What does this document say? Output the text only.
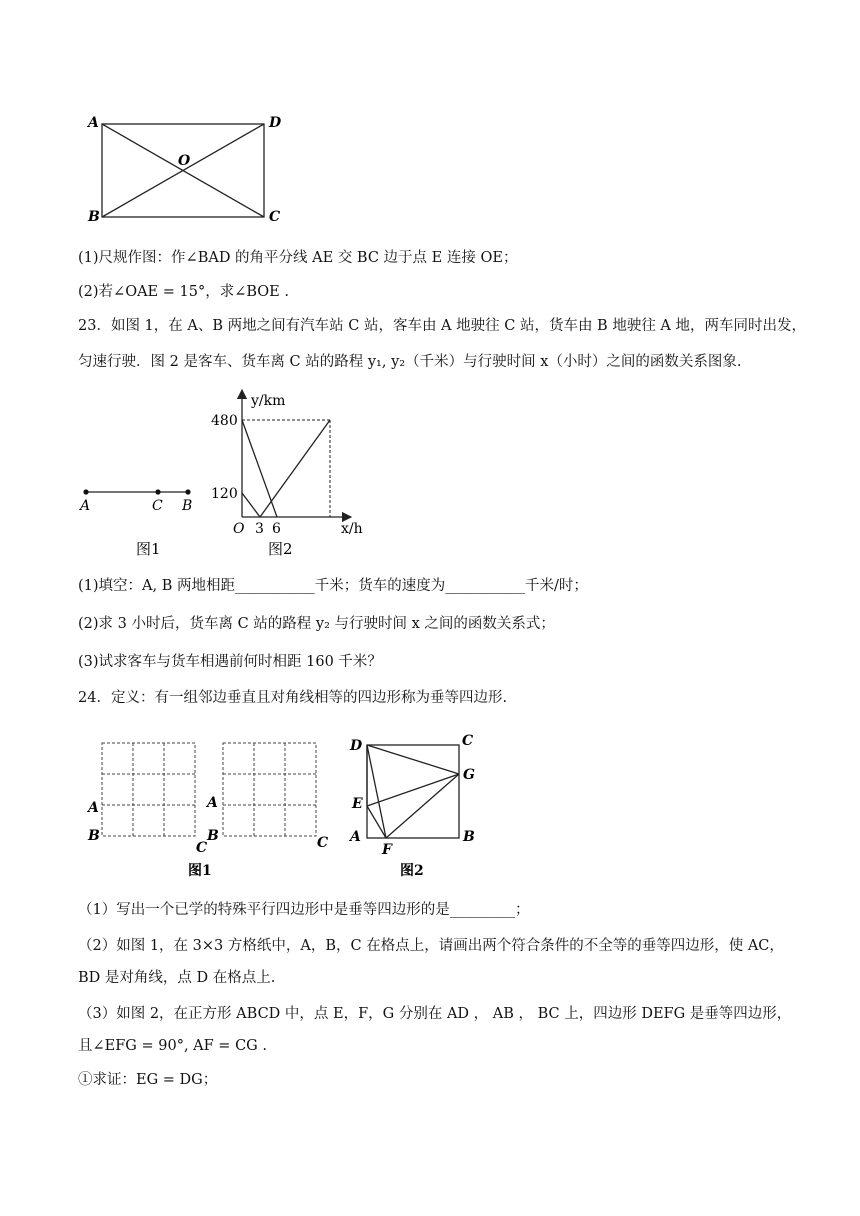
A	D
O
B	C
(1)尺规作图：作∠BAD 的角平分线 AE 交 BC 边于点 E 连接 OE；
(2)若∠OAE = 15°，求∠BOE .
23．如图 1，在 A、B 两地之间有汽车站 C 站，客车由 A 地驶往 C 站，货车由 B 地驶往 A 地，两车同时出发，
匀速行驶．图 2 是客车、货车离 C 站的路程 y₁, y₂（千米）与行驶时间 x（小时）之间的函数关系图象.
A	C B
图1
y/km
480
120
O 3 6	x/h
图2
(1)填空：A, B 两地相距___________千米；货车的速度为___________千米/时；
(2)求 3 小时后，货车离 C 站的路程 y₂ 与行驶时间 x 之间的函数关系式；
(3)试求客车与货车相遇前何时相距 160 千米？
24．定义：有一组邻边垂直且对角线相等的四边形称为垂等四边形.
A
B
C
A
B	C
图1
D	C
G
E
A
F
B
图2
（1）写出一个已学的特殊平行四边形中是垂等四边形的是_________；
（2）如图 1，在 3×3 方格纸中，A，B，C 在格点上，请画出两个符合条件的不全等的垂等四边形，使 AC，
BD 是对角线，点 D 在格点上.
（3）如图 2，在正方形 ABCD 中，点 E，F，G 分别在 AD ， AB ， BC 上，四边形 DEFG 是垂等四边形，
且∠EFG = 90°, AF = CG .
①求证：EG = DG；
